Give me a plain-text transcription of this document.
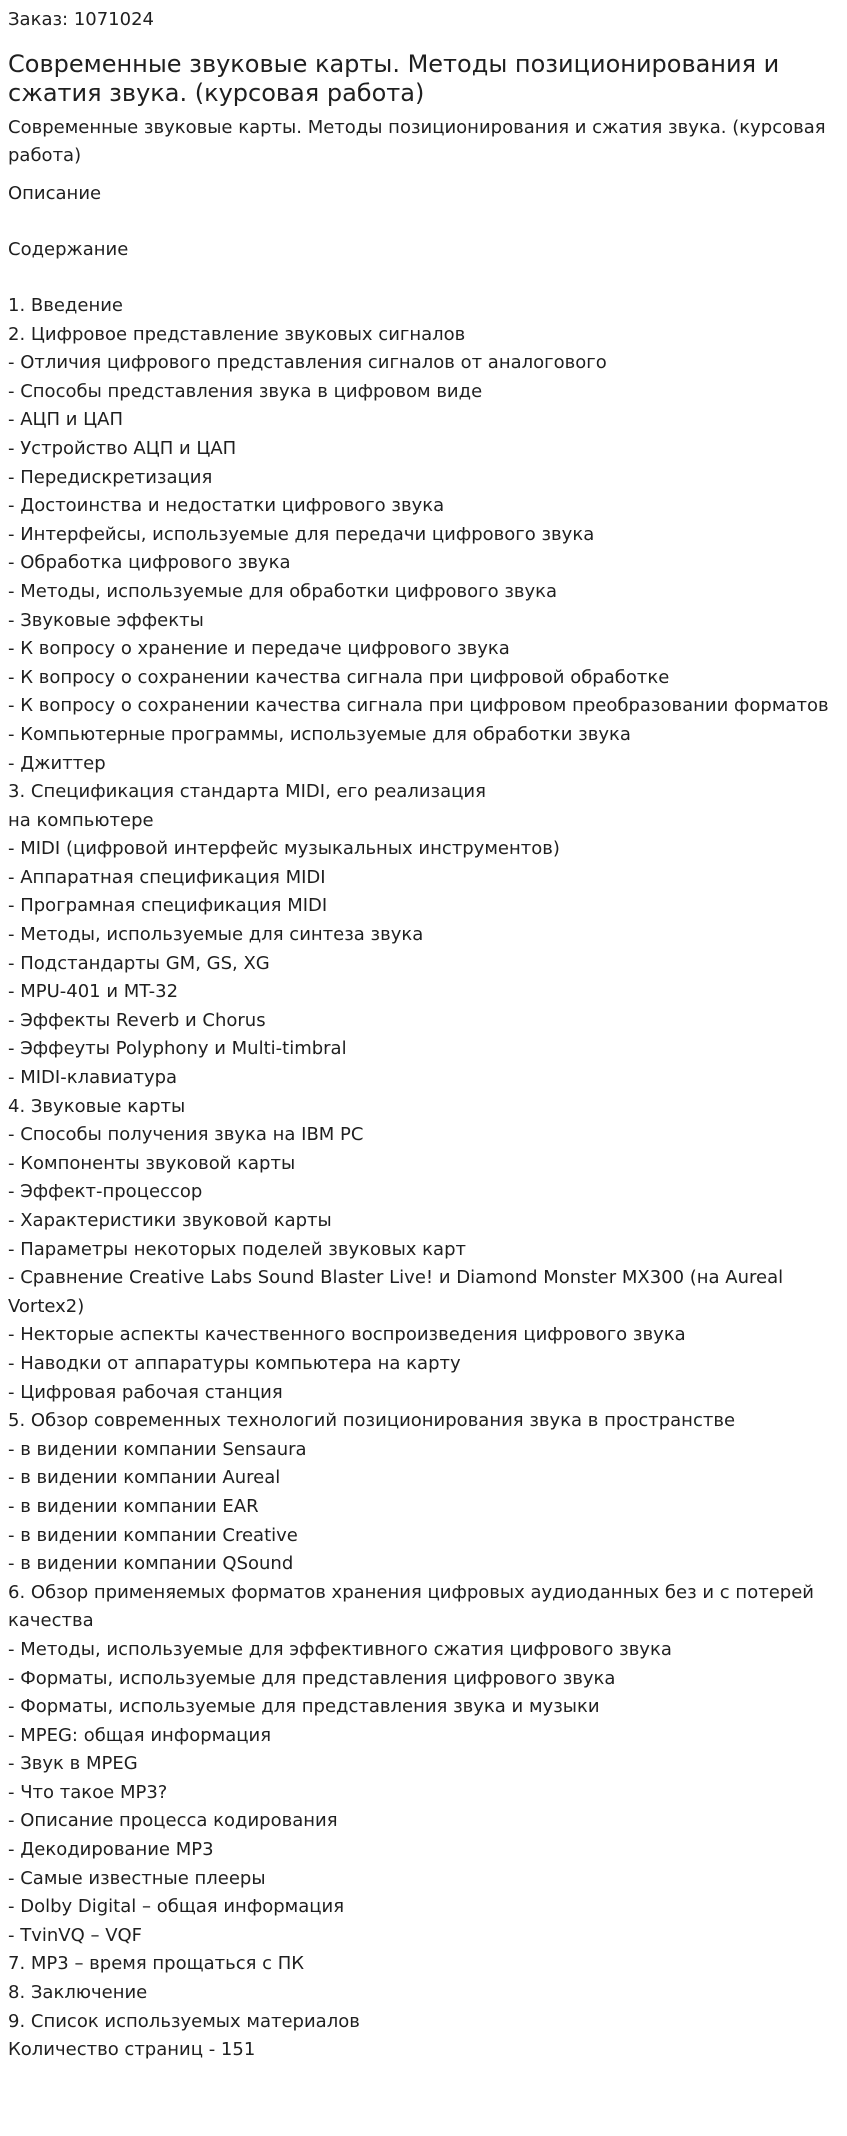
Заказ: 1071024
Современные звуковые карты. Методы позиционирования и сжатия звука. (курсовая работа)

Современные звуковые карты. Методы позиционирования и сжатия звука. (курсовая работа)

Описание
Содержание
1. Введение
2. Цифровое представление звуковых сигналов
- Отличия цифрового представления сигналов от аналогового
- Способы представления звука в цифровом виде
- АЦП и ЦАП
- Устройство АЦП и ЦАП
- Передискретизация
- Достоинства и недостатки цифрового звука
- Интерфейсы, используемые для передачи цифрового звука
- Обработка цифрового звука
- Методы, используемые для обработки цифрового звука
- Звуковые эффекты
- К вопросу о хранение и передаче цифрового звука
- К вопросу о сохранении качества сигнала при цифровой обработке
- К вопросу о сохранении качества сигнала при цифровом преобразовании форматов
- Компьютерные программы, используемые для обработки звука
- Джиттер
3. Спецификация стандарта MIDI, его реализация
на компьютере
- MIDI (цифровой интерфейс музыкальных инструментов)
- Аппаратная спецификация MIDI
- Програмная спецификация MIDI
- Методы, используемые для синтеза звука
- Подстандарты GM, GS, XG
- MPU-401 и MT-32
- Эффекты Reverb и Chorus
- Эффеуты Polyphony и Multi-timbral
- MIDI-клавиатура
4. Звуковые карты
- Способы получения звука на IBM PC
- Компоненты звуковой карты
- Эффект-процессор
- Характеристики звуковой карты
- Параметры некоторых поделей звуковых карт
- Сравнение Creative Labs Sound Blaster Live! и Diamond Monster MX300 (на Aureal Vortex2)
- Некторые аспекты качественного воспроизведения цифрового звука
- Наводки от аппаратуры компьютера на карту
- Цифровая рабочая станция
5. Обзор современных технологий позиционирования звука в пространстве
- в видении компании Sensaura
- в видении компании Aureal
- в видении компании EAR
- в видении компании Creative
- в видении компании QSound
6. Обзор применяемых форматов хранения цифровых аудиоданных без и с потерей качества
- Методы, используемые для эффективного сжатия цифрового звука
- Форматы, используемые для представления цифрового звука
- Форматы, используемые для представления звука и музыки
- MPEG: общая информация
- Звук в MPEG
- Что такое MP3?
- Описание процесса кодирования
- Декодирование MP3
- Самые известные плееры
- Dolby Digital – общая информация
- TvinVQ – VQF
7. MP3 – время прощаться с ПК
8. Заключение
9. Список используемых материалов
Количество страниц - 151
